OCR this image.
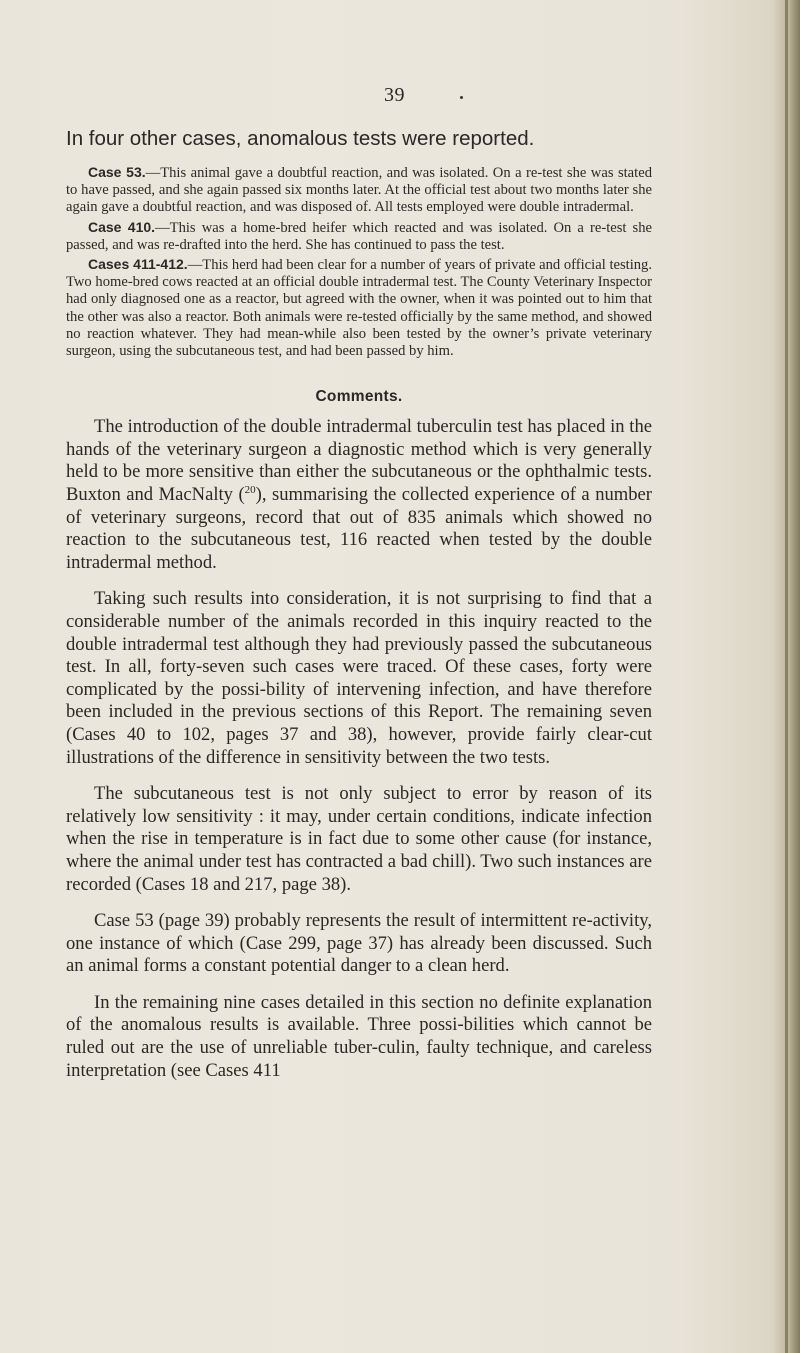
39

In four other cases, anomalous tests were reported.

Case 53.—This animal gave a doubtful reaction, and was isolated. On a re-test she was stated to have passed, and she again passed six months later. At the official test about two months later she again gave a doubtful reaction, and was disposed of. All tests employed were double intradermal.

Case 410.—This was a home-bred heifer which reacted and was isolated. On a re-test she passed, and was re-drafted into the herd. She has continued to pass the test.

Cases 411-412.—This herd had been clear for a number of years of private and official testing. Two home-bred cows reacted at an official double intradermal test. The County Veterinary Inspector had only diagnosed one as a reactor, but agreed with the owner, when it was pointed out to him that the other was also a reactor. Both animals were re-tested officially by the same method, and showed no reaction whatever. They had mean-while also been tested by the owner’s private veterinary surgeon, using the subcutaneous test, and had been passed by him.

Comments.

The introduction of the double intradermal tuberculin test has placed in the hands of the veterinary surgeon a diagnostic method which is very generally held to be more sensitive than either the subcutaneous or the ophthalmic tests. Buxton and MacNalty ($^{20}$), summarising the collected experience of a number of veterinary surgeons, record that out of 835 animals which showed no reaction to the subcutaneous test, 116 reacted when tested by the double intradermal method.

Taking such results into consideration, it is not surprising to find that a considerable number of the animals recorded in this inquiry reacted to the double intradermal test although they had previously passed the subcutaneous test. In all, forty-seven such cases were traced. Of these cases, forty were complicated by the possi-bility of intervening infection, and have therefore been included in the previous sections of this Report. The remaining seven (Cases 40 to 102, pages 37 and 38), however, provide fairly clear-cut illustrations of the difference in sensitivity between the two tests.

The subcutaneous test is not only subject to error by reason of its relatively low sensitivity : it may, under certain conditions, indicate infection when the rise in temperature is in fact due to some other cause (for instance, where the animal under test has contracted a bad chill). Two such instances are recorded (Cases 18 and 217, page 38).

Case 53 (page 39) probably represents the result of intermittent re-activity, one instance of which (Case 299, page 37) has already been discussed. Such an animal forms a constant potential danger to a clean herd.

In the remaining nine cases detailed in this section no definite explanation of the anomalous results is available. Three possi-bilities which cannot be ruled out are the use of unreliable tuber-culin, faulty technique, and careless interpretation (see Cases 411
